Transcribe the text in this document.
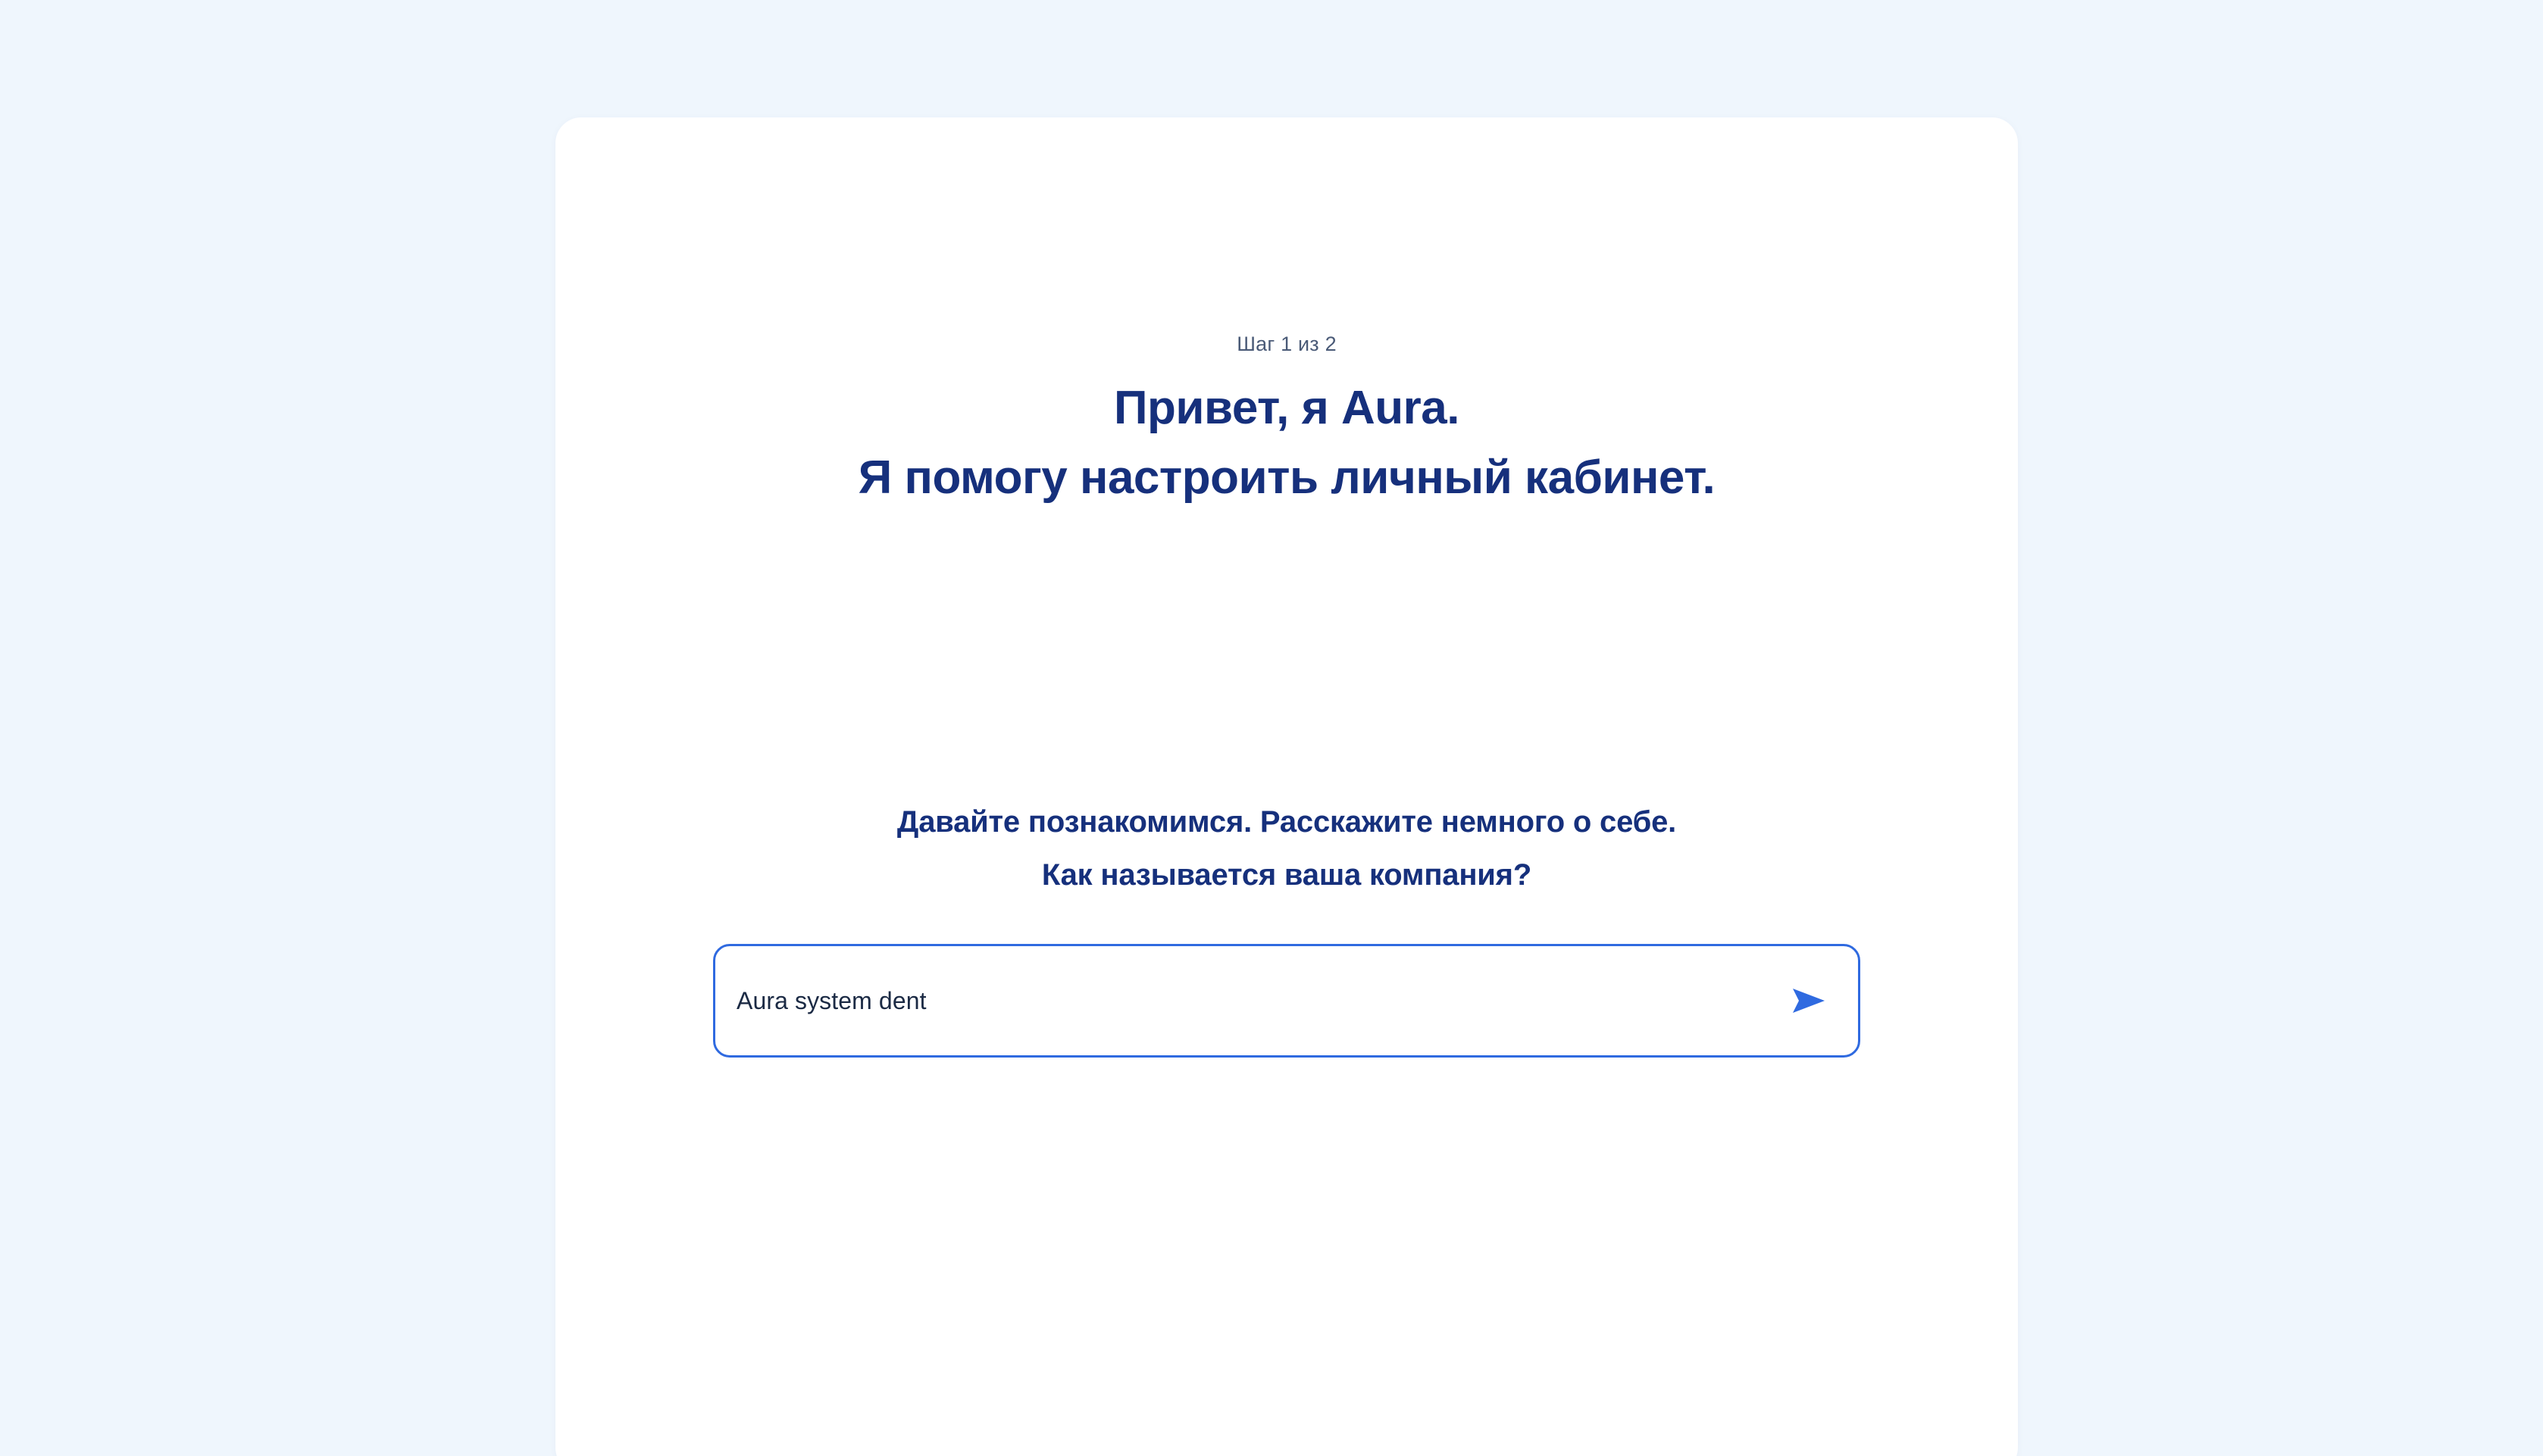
Шаг 1 из 2
Привет, я Aura.
Я помогу настроить личный кабинет.
Давайте познакомимся. Расскажите немного о себе.
Как называется ваша компания?
Aura system dent
